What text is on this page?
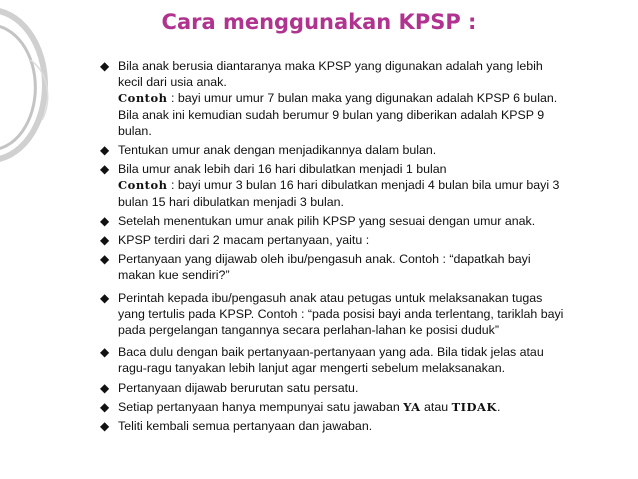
Cara menggunakan KPSP :
◆ Bila anak berusia diantaranya maka KPSP yang digunakan adalah yang lebih
kecil dari usia anak.
Contoh : bayi umur umur 7 bulan maka yang digunakan adalah KPSP 6 bulan.
Bila anak ini kemudian sudah berumur 9 bulan yang diberikan adalah KPSP 9
bulan.
◆ Tentukan umur anak dengan menjadikannya dalam bulan.
◆ Bila umur anak lebih dari 16 hari dibulatkan menjadi 1 bulan
Contoh : bayi umur 3 bulan 16 hari dibulatkan menjadi 4 bulan bila umur bayi 3
bulan 15 hari dibulatkan menjadi 3 bulan.
◆ Setelah menentukan umur anak pilih KPSP yang sesuai dengan umur anak.
◆ KPSP terdiri dari 2 macam pertanyaan, yaitu :
◆ Pertanyaan yang dijawab oleh ibu/pengasuh anak. Contoh : “dapatkah bayi
makan kue sendiri?”
◆ Perintah kepada ibu/pengasuh anak atau petugas untuk melaksanakan tugas
yang tertulis pada KPSP. Contoh : “pada posisi bayi anda terlentang, tariklah bayi
pada pergelangan tangannya secara perlahan-lahan ke posisi duduk”
◆ Baca dulu dengan baik pertanyaan-pertanyaan yang ada. Bila tidak jelas atau
ragu-ragu tanyakan lebih lanjut agar mengerti sebelum melaksanakan.
◆ Pertanyaan dijawab berurutan satu persatu.
◆ Setiap pertanyaan hanya mempunyai satu jawaban YA atau TIDAK.
◆ Teliti kembali semua pertanyaan dan jawaban.
